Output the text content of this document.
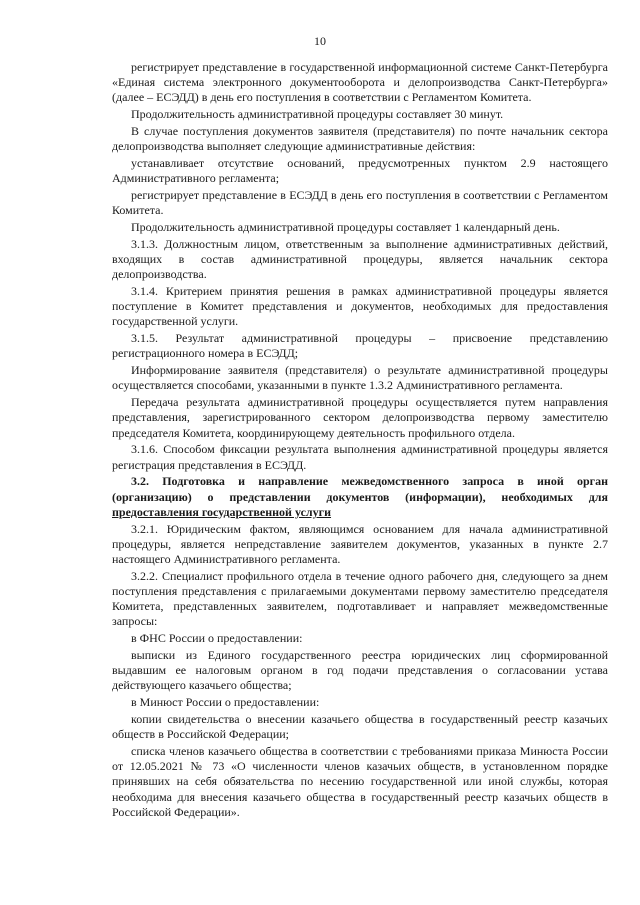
10

регистрирует представление в государственной информационной системе Санкт-Петербурга «Единая система электронного документооборота и делопроизводства Санкт-Петербурга» (далее – ЕСЭДД) в день его поступления в соответствии с Регламентом Комитета.

Продолжительность административной процедуры составляет 30 минут.

В случае поступления документов заявителя (представителя) по почте начальник сектора делопроизводства выполняет следующие административные действия:

устанавливает отсутствие оснований, предусмотренных пунктом 2.9 настоящего Административного регламента;

регистрирует представление в ЕСЭДД в день его поступления в соответствии с Регламентом Комитета.

Продолжительность административной процедуры составляет 1 календарный день.

3.1.3. Должностным лицом, ответственным за выполнение административных действий, входящих в состав административной процедуры, является начальник сектора делопроизводства.

3.1.4. Критерием принятия решения в рамках административной процедуры является поступление в Комитет представления и документов, необходимых для предоставления государственной услуги.

3.1.5. Результат административной процедуры – присвоение представлению регистрационного номера в ЕСЭДД;

Информирование заявителя (представителя) о результате административной процедуры осуществляется способами, указанными в пункте 1.3.2 Административного регламента.

Передача результата административной процедуры осуществляется путем направления представления, зарегистрированного сектором делопроизводства первому заместителю председателя Комитета, координирующему деятельность профильного отдела.

3.1.6. Способом фиксации результата выполнения административной процедуры является регистрация представления в ЕСЭДД.

3.2. Подготовка и направление межведомственного запроса в иной орган (организацию) о представлении документов (информации), необходимых для предоставления государственной услуги

3.2.1. Юридическим фактом, являющимся основанием для начала административной процедуры, является непредставление заявителем документов, указанных в пункте 2.7 настоящего Административного регламента.

3.2.2. Специалист профильного отдела в течение одного рабочего дня, следующего за днем поступления представления с прилагаемыми документами первому заместителю председателя Комитета, представленных заявителем, подготавливает и направляет межведомственные запросы:

в ФНС России о предоставлении:

выписки из Единого государственного реестра юридических лиц сформированной выдавшим ее налоговым органом в год подачи представления о согласовании устава действующего казачьего общества;

в Минюст России о предоставлении:

копии свидетельства о внесении казачьего общества в государственный реестр казачьих обществ в Российской Федерации;

списка членов казачьего общества в соответствии с требованиями приказа Минюста России от 12.05.2021 № 73 «О численности членов казачьих обществ, в установленном порядке принявших на себя обязательства по несению государственной или иной службы, которая необходима для внесения казачьего общества в государственный реестр казачьих обществ в Российской Федерации».
